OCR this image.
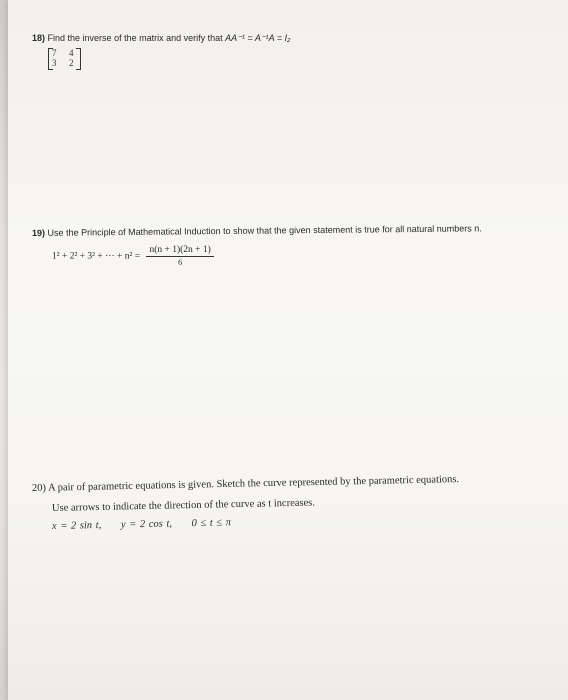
18) Find the inverse of the matrix and verify that AA⁻¹ = A⁻¹A = I₂
7 4
3 2
19) Use the Principle of Mathematical Induction to show that the given statement is true for all natural numbers n.
1² + 2² + 3² + ⋯ + $n^2 = \frac{n(n + 1)(2n + 1)}{6}$
20) A pair of parametric equations is given. Sketch the curve represented by the parametric equations.
Use arrows to indicate the direction of the curve as t increases.
x = 2 sin t, y = 2 cos t, 0 ≤ t ≤ π
